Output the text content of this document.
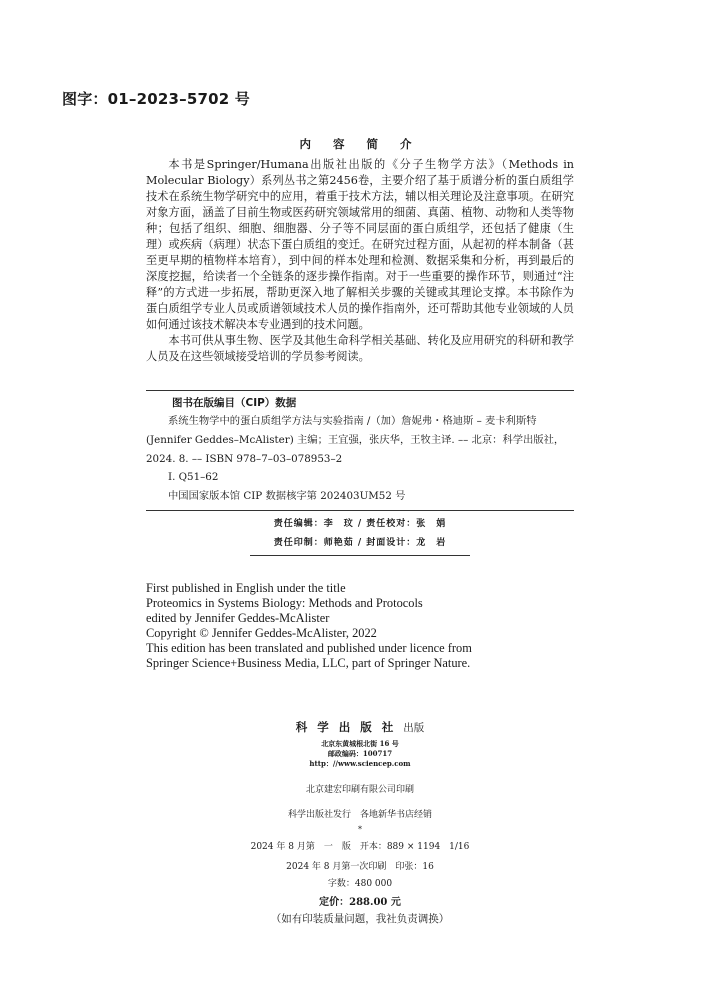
图字：01–2023–5702 号
内 容 简 介

本书是Springer/Humana出版社出版的《分子生物学方法》（Methods in Molecular Biology）系列丛书之第2456卷，主要介绍了基于质谱分析的蛋白质组学技术在系统生物学研究中的应用，着重于技术方法，辅以相关理论及注意事项。在研究对象方面，涵盖了目前生物或医药研究领域常用的细菌、真菌、植物、动物和人类等物种；包括了组织、细胞、细胞器、分子等不同层面的蛋白质组学，还包括了健康（生理）或疾病（病理）状态下蛋白质组的变迁。在研究过程方面，从起初的样本制备（甚至更早期的植物样本培育），到中间的样本处理和检测、数据采集和分析，再到最后的深度挖掘，给读者一个全链条的逐步操作指南。对于一些重要的操作环节，则通过“注释”的方式进一步拓展，帮助更深入地了解相关步骤的关键或其理论支撑。本书除作为蛋白质组学专业人员或质谱领域技术人员的操作指南外，还可帮助其他专业领域的人员如何通过该技术解决本专业遇到的技术问题。

本书可供从事生物、医学及其他生命科学相关基础、转化及应用研究的科研和教学人员及在这些领域接受培训的学员参考阅读。

图书在版编目（CIP）数据
系统生物学中的蛋白质组学方法与实验指南 /（加）詹妮弗・格迪斯 – 麦卡利斯特
(Jennifer Geddes–McAlister) 主编；王宜强，张庆华，王牧主译. –– 北京：科学出版社，
2024. 8. –– ISBN 978–7–03–078953–2
Ⅰ. Q51–62
中国国家版本馆 CIP 数据核字第 202403UM52 号
责任编辑：李　玟 / 责任校对：张　娟
责任印制：师艳茹 / 封面设计：龙　岩
First published in English under the title
Proteomics in Systems Biology: Methods and Protocols
edited by Jennifer Geddes-McAlister
Copyright © Jennifer Geddes-McAlister, 2022
This edition has been translated and published under licence from
Springer Science+Business Media, LLC, part of Springer Nature.
科 学 出 版 社 出版
北京东黄城根北街 16 号
邮政编码：100717
http：//www.sciencep.com
北京建宏印刷有限公司印刷
科学出版社发行　各地新华书店经销
*
2024 年 8 月第　一　版　开本：889 × 1194　1/16
2024 年 8 月第一次印刷　印张：16
字数：480 000
定价：288.00 元
（如有印装质量问题，我社负责调换）
